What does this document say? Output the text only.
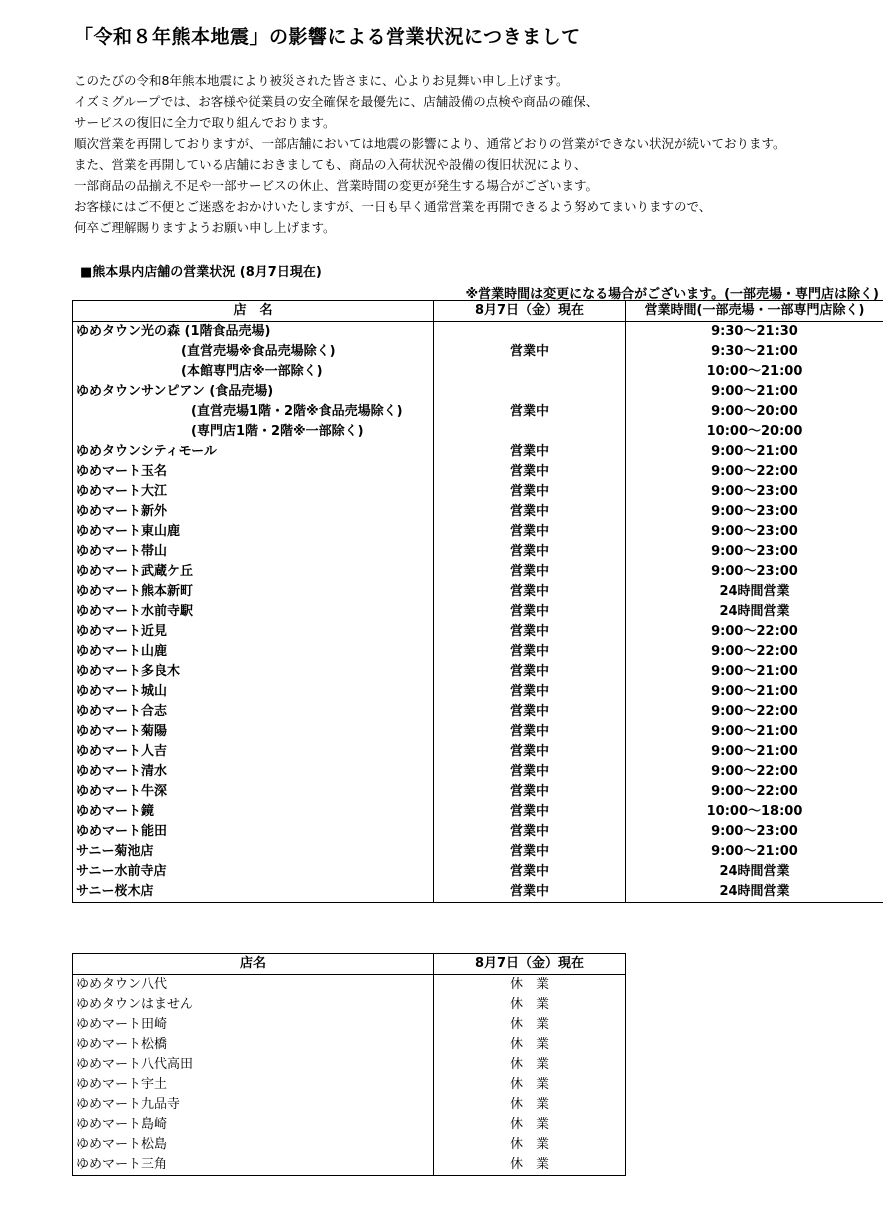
「令和８年熊本地震」の影響による営業状況につきまして
このたびの令和8年熊本地震により被災された皆さまに、心よりお見舞い申し上げます。
イズミグループでは、お客様や従業員の安全確保を最優先に、店舗設備の点検や商品の確保、
サービスの復旧に全力で取り組んでおります。
順次営業を再開しておりますが、一部店舗においては地震の影響により、通常どおりの営業ができない状況が続いております。
また、営業を再開している店舗におきましても、商品の入荷状況や設備の復旧状況により、
一部商品の品揃え不足や一部サービスの休止、営業時間の変更が発生する場合がございます。
お客様にはご不便とご迷惑をおかけいたしますが、一日も早く通常営業を再開できるよう努めてまいりますので、
何卒ご理解賜りますようお願い申し上げます。
■熊本県内店舗の営業状況 (8月7日現在)
※営業時間は変更になる場合がございます。(一部売場・専門店は除く)
店　名	8月7日（金）現在	営業時間(一部売場・一部専門店除く)
ゆめタウン光の森 (1階食品売場)	営業中	9:30～21:30
(直営売場※食品売場除く)		9:30～21:00
(本館専門店※一部除く)		10:00～21:00
ゆめタウンサンピアン (食品売場)	営業中	9:00～21:00
(直営売場1階・2階※食品売場除く)		9:00～20:00
(専門店1階・2階※一部除く)		10:00～20:00
ゆめタウンシティモール	営業中	9:00～21:00
ゆめマート玉名	営業中	9:00～22:00
ゆめマート大江	営業中	9:00～23:00
ゆめマート新外	営業中	9:00～23:00
ゆめマート東山鹿	営業中	9:00～23:00
ゆめマート帯山	営業中	9:00～23:00
ゆめマート武蔵ケ丘	営業中	9:00～23:00
ゆめマート熊本新町	営業中	24時間営業
ゆめマート水前寺駅	営業中	24時間営業
ゆめマート近見	営業中	9:00～22:00
ゆめマート山鹿	営業中	9:00～22:00
ゆめマート多良木	営業中	9:00～21:00
ゆめマート城山	営業中	9:00～21:00
ゆめマート合志	営業中	9:00～22:00
ゆめマート菊陽	営業中	9:00～21:00
ゆめマート人吉	営業中	9:00～21:00
ゆめマート清水	営業中	9:00～22:00
ゆめマート牛深	営業中	9:00～22:00
ゆめマート鏡	営業中	10:00～18:00
ゆめマート能田	営業中	9:00～23:00
サニー菊池店	営業中	9:00～21:00
サニー水前寺店	営業中	24時間営業
サニー桜木店	営業中	24時間営業
店名	8月7日（金）現在
ゆめタウン八代	休　業
ゆめタウンはません	休　業
ゆめマート田崎	休　業
ゆめマート松橋	休　業
ゆめマート八代高田	休　業
ゆめマート宇土	休　業
ゆめマート九品寺	休　業
ゆめマート島崎	休　業
ゆめマート松島	休　業
ゆめマート三角	休　業
